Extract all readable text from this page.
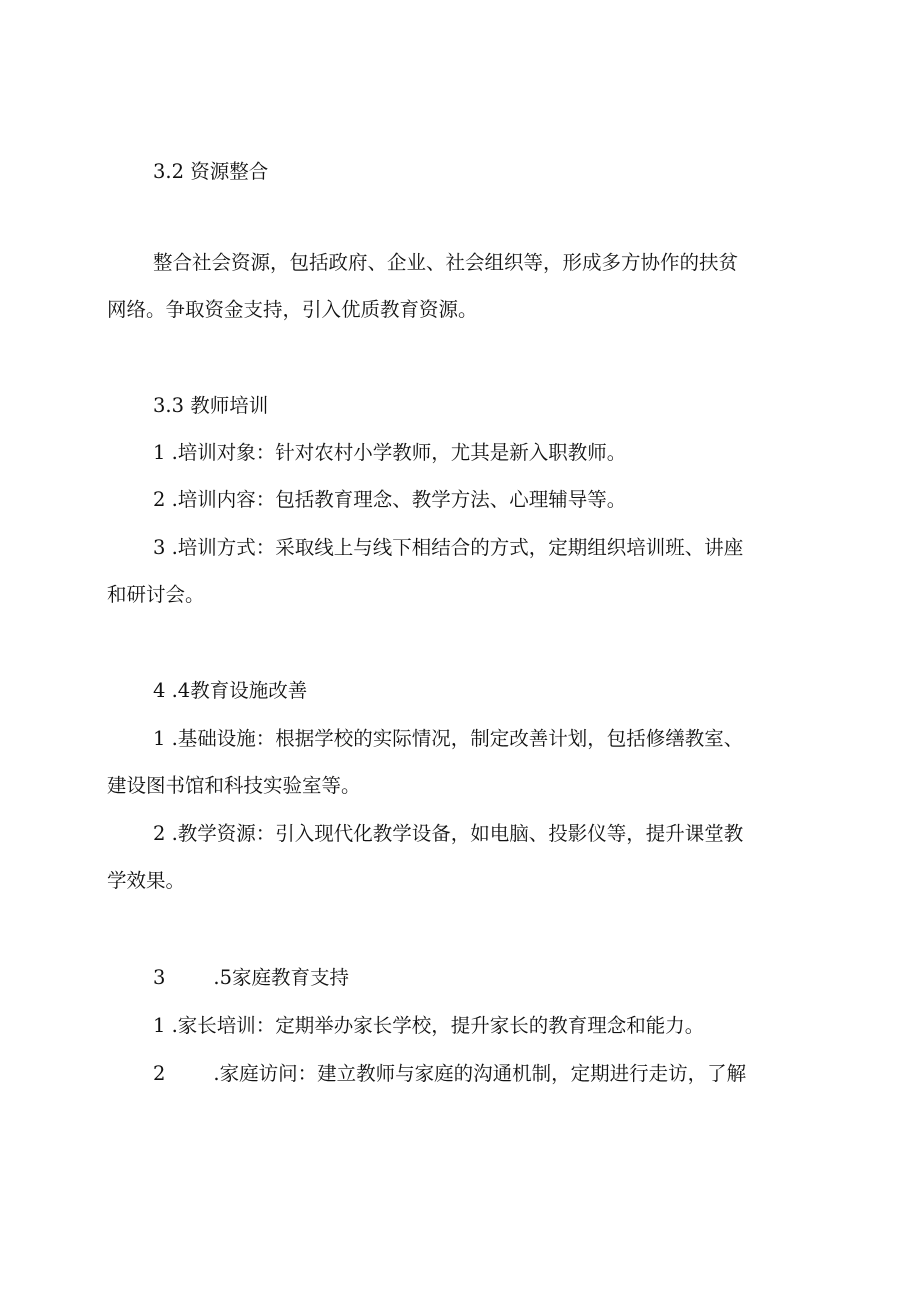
3.2 资源整合
整合社会资源，包括政府、企业、社会组织等，形成多方协作的扶贫
网络。争取资金支持，引入优质教育资源。
3.3 教师培训
1 .培训对象：针对农村小学教师，尤其是新入职教师。
2 .培训内容：包括教育理念、教学方法、心理辅导等。
3 .培训方式：采取线上与线下相结合的方式，定期组织培训班、讲座
和研讨会。
4 .4教育设施改善
1 .基础设施：根据学校的实际情况，制定改善计划，包括修缮教室、
建设图书馆和科技实验室等。
2 .教学资源：引入现代化教学设备，如电脑、投影仪等，提升课堂教
学效果。
3 .5家庭教育支持
1 .家长培训：定期举办家长学校，提升家长的教育理念和能力。
2 .家庭访问：建立教师与家庭的沟通机制，定期进行走访，了解
